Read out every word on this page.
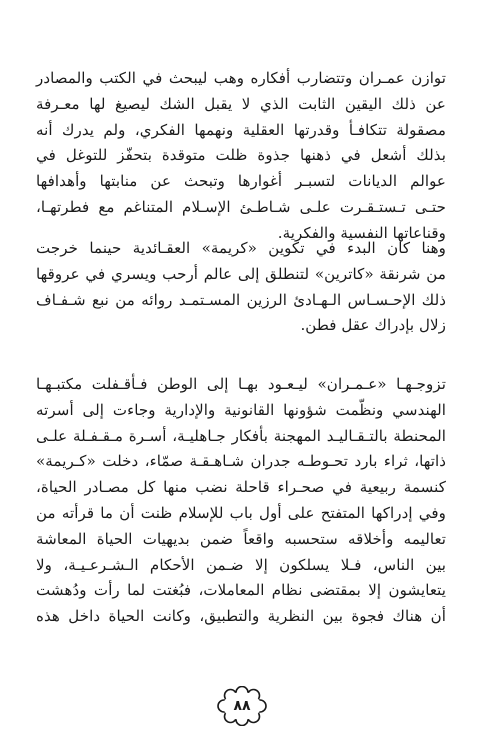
توازن عمـران وتتضارب أفكاره وهب ليبحث في الكتب والمصادر
عن ذلك اليقين الثابت الذي لا يقبل الشك ليصيغ لها معـرفة
مصقولة تتكافـأ وقدرتها العقلية ونهمها الفكري، ولم يدرك أنه
بذلك أشعل في ذهنها جذوة ظلت متوقدة بتحفّز للتوغل في
عوالم الديانات لتسبـر أغوارها وتبحث عن منابتها وأهدافها
حتـى تـستـقـرت علـى شـاطـئ الإسـلام المتناغم مع فطرتهـا،
وقناعاتها النفسية والفكرية.
وهنا كان البدء في تكوين «كريمة» العقـائدية حينما خرجت
من شرنقة «كاترين» لتنطلق إلى عالم أرحب ويسري في عروقها
ذلك الإحـسـاس الـهـادئ الرزين المسـتمـد روائه من نبع شـفـاف
زلال بإدراك عقل فطن.
تزوجـهـا «عـمـران» ليـعـود بهـا إلى الوطن فـأقـفلت مكتبـهـا
الهندسي ونظّمت شؤونها القانونية والإدارية وجاءت إلى أسرته
المحنطة بالتـقـاليـد المهجنة بأفكار جـاهليـة، أسـرة مـقـفـلة علـى
ذاتها، ثراء بارد تحـوطـه جدران شـاهـقـة صمّاء، دخلت «كـريمة»
كنسمة ربيعية في صحـراء قاحلة نضب منها كل مصـادر الحياة،
وفي إدراكها المتفتح على أول باب للإسلام ظنت أن ما قرأته من
تعاليمه وأخلاقه ستحسبه واقعاً ضمن بديهيات الحياة المعاشة
بين الناس، فـلا يسلكون إلا ضـمن الأحكام الـشـرعـيـة، ولا
يتعايشون إلا بمقتضى نظام المعاملات، فبُغتت لما رأت ودُهشت
أن هناك فجوة بين النظرية والتطبيق، وكانت الحياة داخل هذه
٨٨
